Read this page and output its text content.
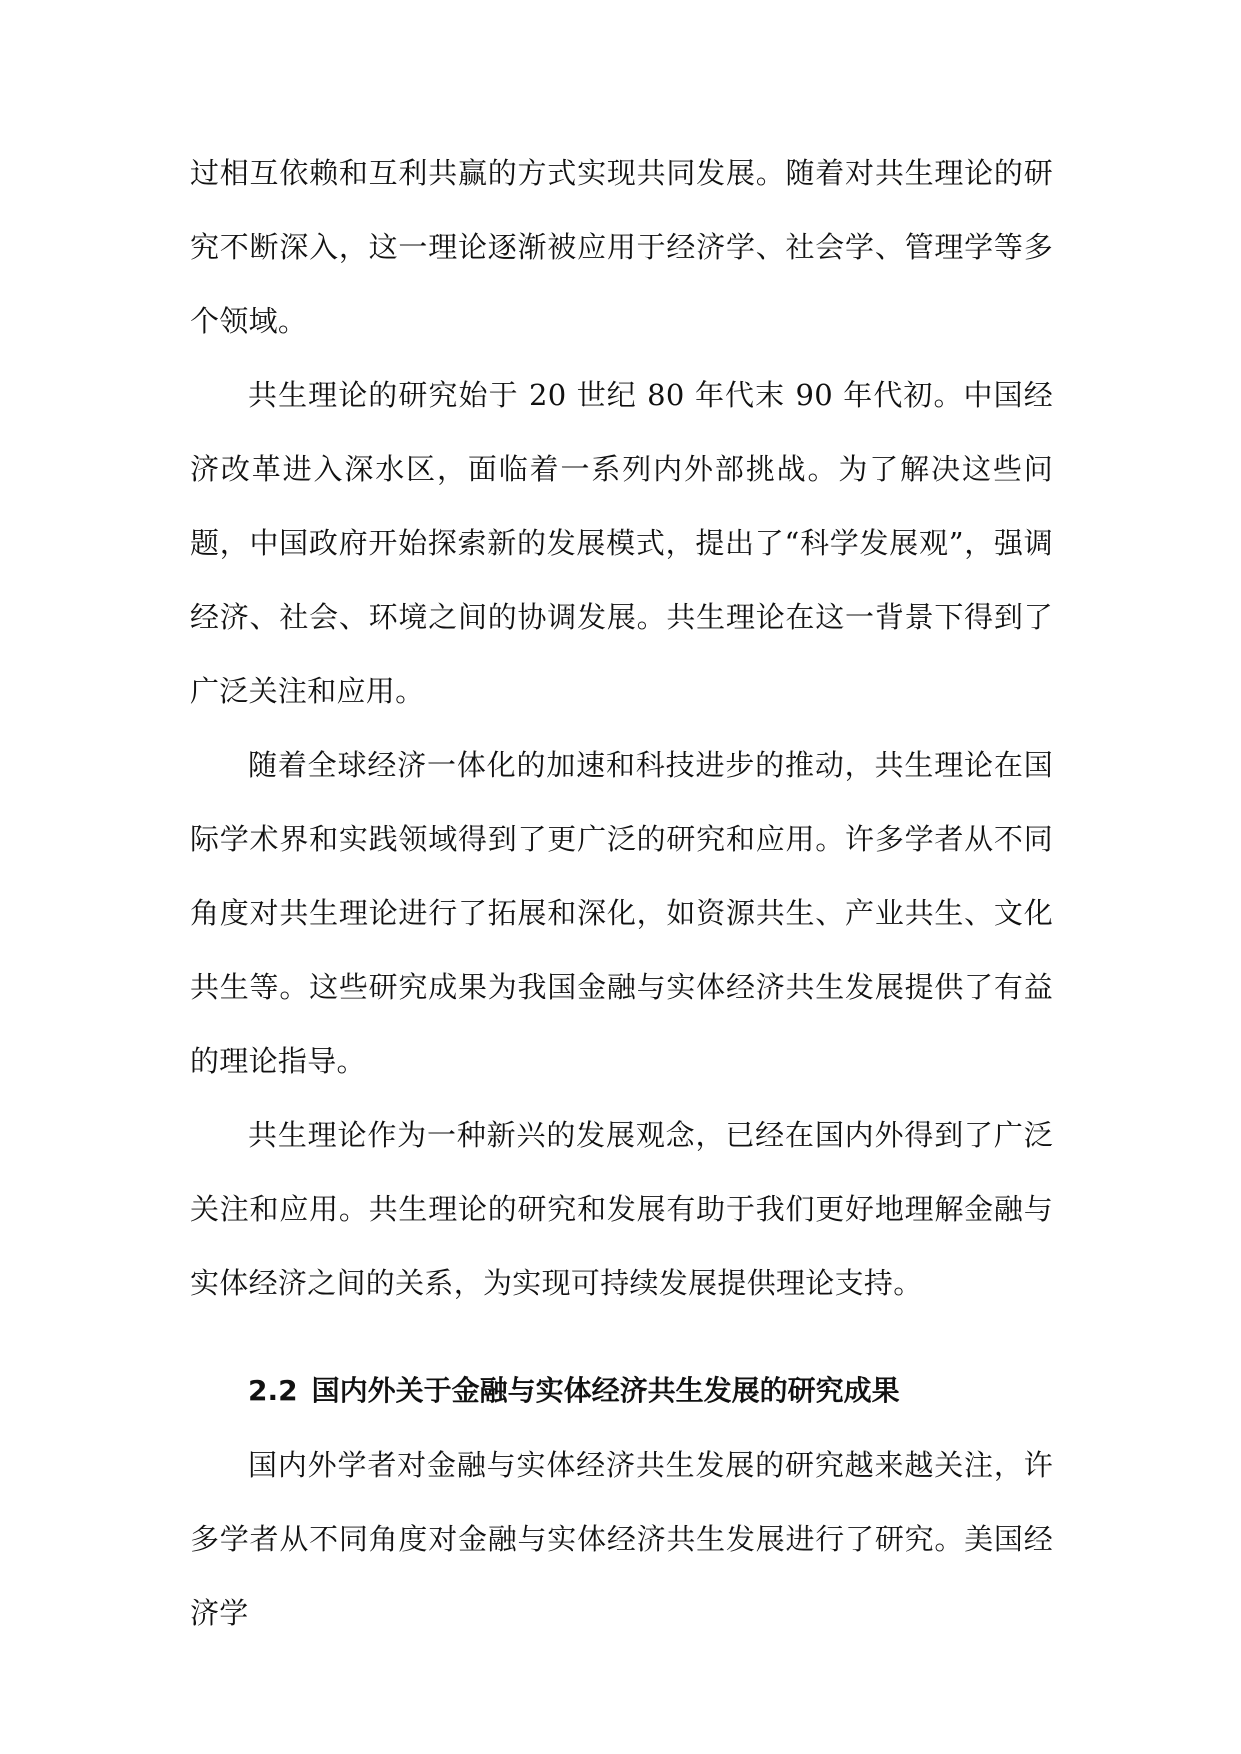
过相互依赖和互利共赢的方式实现共同发展。随着对共生理论的研究不断深入，这一理论逐渐被应用于经济学、社会学、管理学等多个领域。

共生理论的研究始于 20 世纪 80 年代末 90 年代初。中国经济改革进入深水区，面临着一系列内外部挑战。为了解决这些问题，中国政府开始探索新的发展模式，提出了“科学发展观”，强调经济、社会、环境之间的协调发展。共生理论在这一背景下得到了广泛关注和应用。

随着全球经济一体化的加速和科技进步的推动，共生理论在国际学术界和实践领域得到了更广泛的研究和应用。许多学者从不同角度对共生理论进行了拓展和深化，如资源共生、产业共生、文化共生等。这些研究成果为我国金融与实体经济共生发展提供了有益的理论指导。

共生理论作为一种新兴的发展观念，已经在国内外得到了广泛关注和应用。共生理论的研究和发展有助于我们更好地理解金融与实体经济之间的关系，为实现可持续发展提供理论支持。

2.2 国内外关于金融与实体经济共生发展的研究成果

国内外学者对金融与实体经济共生发展的研究越来越关注，许多学者从不同角度对金融与实体经济共生发展进行了研究。美国经济学
